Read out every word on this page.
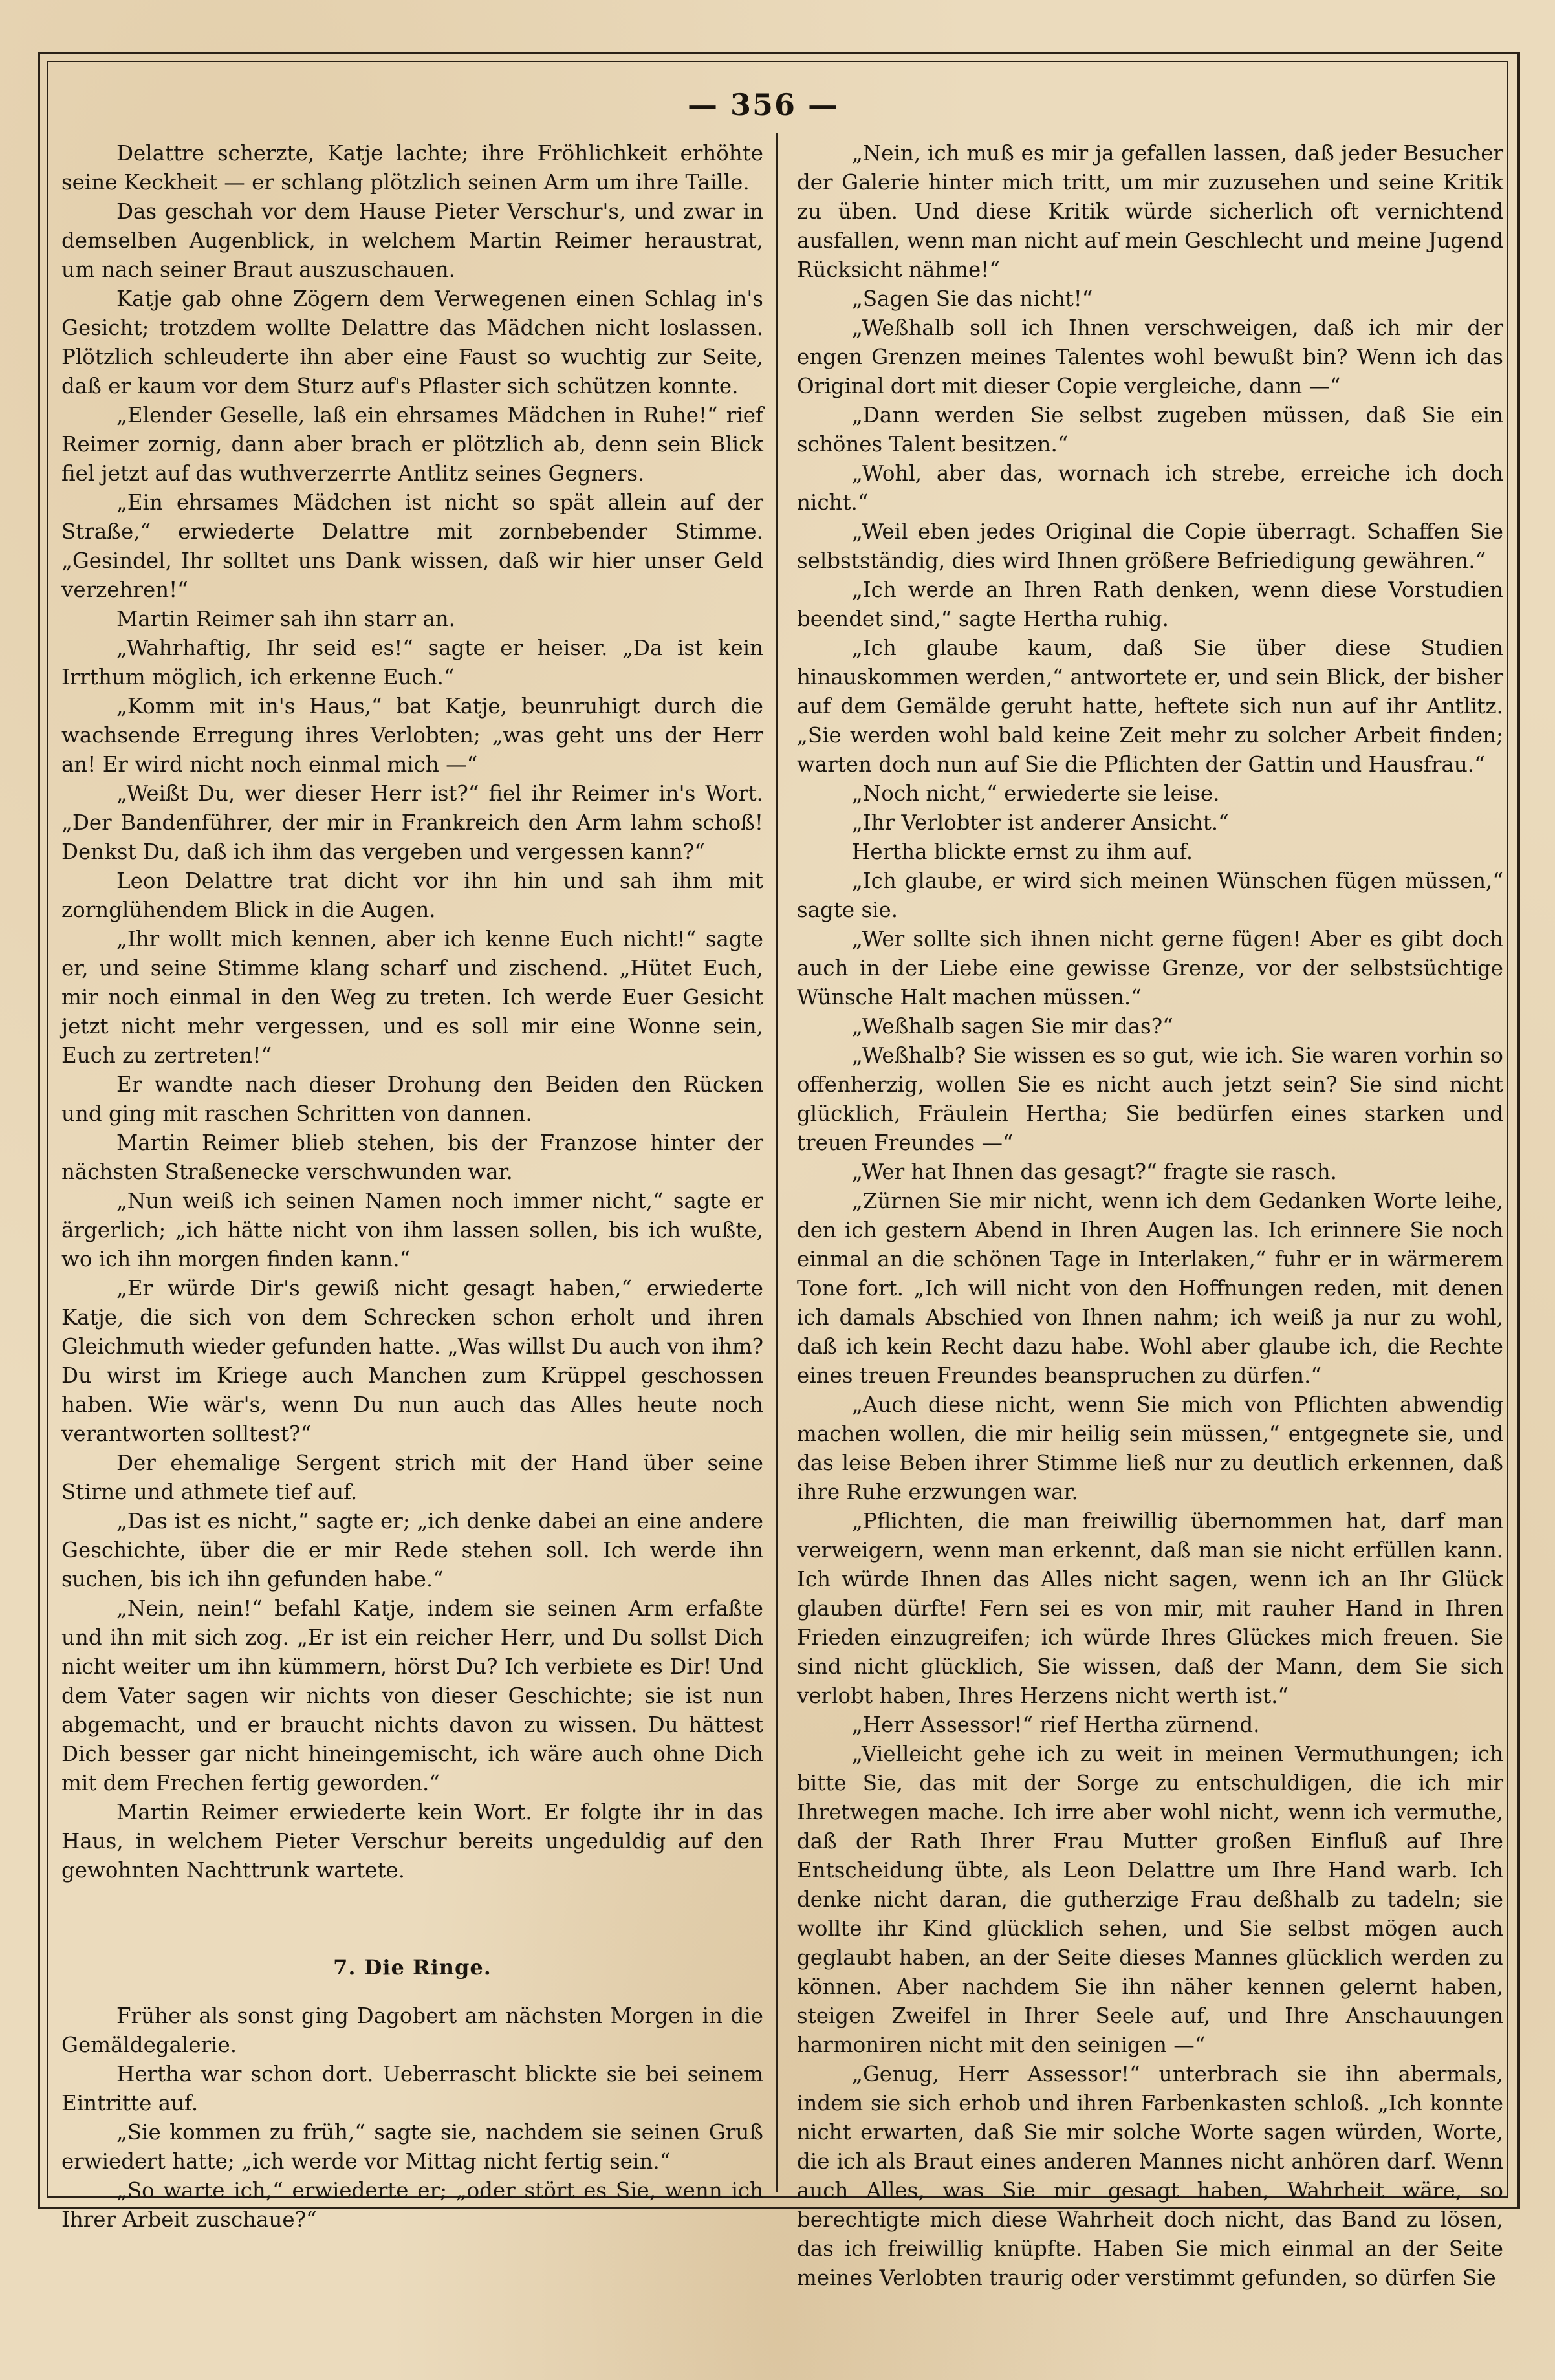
— 356 —

Delattre scherzte, Katje lachte; ihre Fröhlichkeit erhöhte seine Keckheit — er schlang plötzlich seinen Arm um ihre Taille.

Das geschah vor dem Hause Pieter Verschur's, und zwar in demselben Augenblick, in welchem Martin Reimer heraustrat, um nach seiner Braut auszuschauen.

Katje gab ohne Zögern dem Verwegenen einen Schlag in's Gesicht; trotzdem wollte Delattre das Mädchen nicht loslassen. Plötzlich schleuderte ihn aber eine Faust so wuchtig zur Seite, daß er kaum vor dem Sturz auf's Pflaster sich schützen konnte.

„Elender Geselle, laß ein ehrsames Mädchen in Ruhe!“ rief Reimer zornig, dann aber brach er plötzlich ab, denn sein Blick fiel jetzt auf das wuthverzerrte Antlitz seines Gegners.

„Ein ehrsames Mädchen ist nicht so spät allein auf der Straße,“ erwiederte Delattre mit zornbebender Stimme. „Gesindel, Ihr solltet uns Dank wissen, daß wir hier unser Geld verzehren!“

Martin Reimer sah ihn starr an.

„Wahrhaftig, Ihr seid es!“ sagte er heiser. „Da ist kein Irrthum möglich, ich erkenne Euch.“

„Komm mit in's Haus,“ bat Katje, beunruhigt durch die wachsende Erregung ihres Verlobten; „was geht uns der Herr an! Er wird nicht noch einmal mich —“

„Weißt Du, wer dieser Herr ist?“ fiel ihr Reimer in's Wort. „Der Bandenführer, der mir in Frankreich den Arm lahm schoß! Denkst Du, daß ich ihm das vergeben und vergessen kann?“

Leon Delattre trat dicht vor ihn hin und sah ihm mit zornglühendem Blick in die Augen.

„Ihr wollt mich kennen, aber ich kenne Euch nicht!“ sagte er, und seine Stimme klang scharf und zischend. „Hütet Euch, mir noch einmal in den Weg zu treten. Ich werde Euer Gesicht jetzt nicht mehr vergessen, und es soll mir eine Wonne sein, Euch zu zertreten!“

Er wandte nach dieser Drohung den Beiden den Rücken und ging mit raschen Schritten von dannen.

Martin Reimer blieb stehen, bis der Franzose hinter der nächsten Straßenecke verschwunden war.

„Nun weiß ich seinen Namen noch immer nicht,“ sagte er ärgerlich; „ich hätte nicht von ihm lassen sollen, bis ich wußte, wo ich ihn morgen finden kann.“

„Er würde Dir's gewiß nicht gesagt haben,“ erwiederte Katje, die sich von dem Schrecken schon erholt und ihren Gleichmuth wieder gefunden hatte. „Was willst Du auch von ihm? Du wirst im Kriege auch Manchen zum Krüppel geschossen haben. Wie wär's, wenn Du nun auch das Alles heute noch verantworten solltest?“

Der ehemalige Sergent strich mit der Hand über seine Stirne und athmete tief auf.

„Das ist es nicht,“ sagte er; „ich denke dabei an eine andere Geschichte, über die er mir Rede stehen soll. Ich werde ihn suchen, bis ich ihn gefunden habe.“

„Nein, nein!“ befahl Katje, indem sie seinen Arm erfaßte und ihn mit sich zog. „Er ist ein reicher Herr, und Du sollst Dich nicht weiter um ihn kümmern, hörst Du? Ich verbiete es Dir! Und dem Vater sagen wir nichts von dieser Geschichte; sie ist nun abgemacht, und er braucht nichts davon zu wissen. Du hättest Dich besser gar nicht hineingemischt, ich wäre auch ohne Dich mit dem Frechen fertig geworden.“

Martin Reimer erwiederte kein Wort. Er folgte ihr in das Haus, in welchem Pieter Verschur bereits ungeduldig auf den gewohnten Nachttrunk wartete.

7. Die Ringe.

Früher als sonst ging Dagobert am nächsten Morgen in die Gemäldegalerie.

Hertha war schon dort. Ueberrascht blickte sie bei seinem Eintritte auf.

„Sie kommen zu früh,“ sagte sie, nachdem sie seinen Gruß erwiedert hatte; „ich werde vor Mittag nicht fertig sein.“

„So warte ich,“ erwiederte er; „oder stört es Sie, wenn ich Ihrer Arbeit zuschaue?“

„Nein, ich muß es mir ja gefallen lassen, daß jeder Besucher der Galerie hinter mich tritt, um mir zuzusehen und seine Kritik zu üben. Und diese Kritik würde sicherlich oft vernichtend ausfallen, wenn man nicht auf mein Geschlecht und meine Jugend Rücksicht nähme!“

„Sagen Sie das nicht!“

„Weßhalb soll ich Ihnen verschweigen, daß ich mir der engen Grenzen meines Talentes wohl bewußt bin? Wenn ich das Original dort mit dieser Copie vergleiche, dann —“

„Dann werden Sie selbst zugeben müssen, daß Sie ein schönes Talent besitzen.“

„Wohl, aber das, wornach ich strebe, erreiche ich doch nicht.“

„Weil eben jedes Original die Copie überragt. Schaffen Sie selbstständig, dies wird Ihnen größere Befriedigung gewähren.“

„Ich werde an Ihren Rath denken, wenn diese Vorstudien beendet sind,“ sagte Hertha ruhig.

„Ich glaube kaum, daß Sie über diese Studien hinauskommen werden,“ antwortete er, und sein Blick, der bisher auf dem Gemälde geruht hatte, heftete sich nun auf ihr Antlitz. „Sie werden wohl bald keine Zeit mehr zu solcher Arbeit finden; warten doch nun auf Sie die Pflichten der Gattin und Hausfrau.“

„Noch nicht,“ erwiederte sie leise.

„Ihr Verlobter ist anderer Ansicht.“

Hertha blickte ernst zu ihm auf.

„Ich glaube, er wird sich meinen Wünschen fügen müssen,“ sagte sie.

„Wer sollte sich ihnen nicht gerne fügen! Aber es gibt doch auch in der Liebe eine gewisse Grenze, vor der selbstsüchtige Wünsche Halt machen müssen.“

„Weßhalb sagen Sie mir das?“

„Weßhalb? Sie wissen es so gut, wie ich. Sie waren vorhin so offenherzig, wollen Sie es nicht auch jetzt sein? Sie sind nicht glücklich, Fräulein Hertha; Sie bedürfen eines starken und treuen Freundes —“

„Wer hat Ihnen das gesagt?“ fragte sie rasch.

„Zürnen Sie mir nicht, wenn ich dem Gedanken Worte leihe, den ich gestern Abend in Ihren Augen las. Ich erinnere Sie noch einmal an die schönen Tage in Interlaken,“ fuhr er in wärmerem Tone fort. „Ich will nicht von den Hoffnungen reden, mit denen ich damals Abschied von Ihnen nahm; ich weiß ja nur zu wohl, daß ich kein Recht dazu habe. Wohl aber glaube ich, die Rechte eines treuen Freundes beanspruchen zu dürfen.“

„Auch diese nicht, wenn Sie mich von Pflichten abwendig machen wollen, die mir heilig sein müssen,“ entgegnete sie, und das leise Beben ihrer Stimme ließ nur zu deutlich erkennen, daß ihre Ruhe erzwungen war.

„Pflichten, die man freiwillig übernommen hat, darf man verweigern, wenn man erkennt, daß man sie nicht erfüllen kann. Ich würde Ihnen das Alles nicht sagen, wenn ich an Ihr Glück glauben dürfte! Fern sei es von mir, mit rauher Hand in Ihren Frieden einzugreifen; ich würde Ihres Glückes mich freuen. Sie sind nicht glücklich, Sie wissen, daß der Mann, dem Sie sich verlobt haben, Ihres Herzens nicht werth ist.“

„Herr Assessor!“ rief Hertha zürnend.

„Vielleicht gehe ich zu weit in meinen Vermuthungen; ich bitte Sie, das mit der Sorge zu entschuldigen, die ich mir Ihretwegen mache. Ich irre aber wohl nicht, wenn ich vermuthe, daß der Rath Ihrer Frau Mutter großen Einfluß auf Ihre Entscheidung übte, als Leon Delattre um Ihre Hand warb. Ich denke nicht daran, die gutherzige Frau deßhalb zu tadeln; sie wollte ihr Kind glücklich sehen, und Sie selbst mögen auch geglaubt haben, an der Seite dieses Mannes glücklich werden zu können. Aber nachdem Sie ihn näher kennen gelernt haben, steigen Zweifel in Ihrer Seele auf, und Ihre Anschauungen harmoniren nicht mit den seinigen —“

„Genug, Herr Assessor!“ unterbrach sie ihn abermals, indem sie sich erhob und ihren Farbenkasten schloß. „Ich konnte nicht erwarten, daß Sie mir solche Worte sagen würden, Worte, die ich als Braut eines anderen Mannes nicht anhören darf. Wenn auch Alles, was Sie mir gesagt haben, Wahrheit wäre, so berechtigte mich diese Wahrheit doch nicht, das Band zu lösen, das ich freiwillig knüpfte. Haben Sie mich einmal an der Seite meines Verlobten traurig oder verstimmt gefunden, so dürfen Sie
